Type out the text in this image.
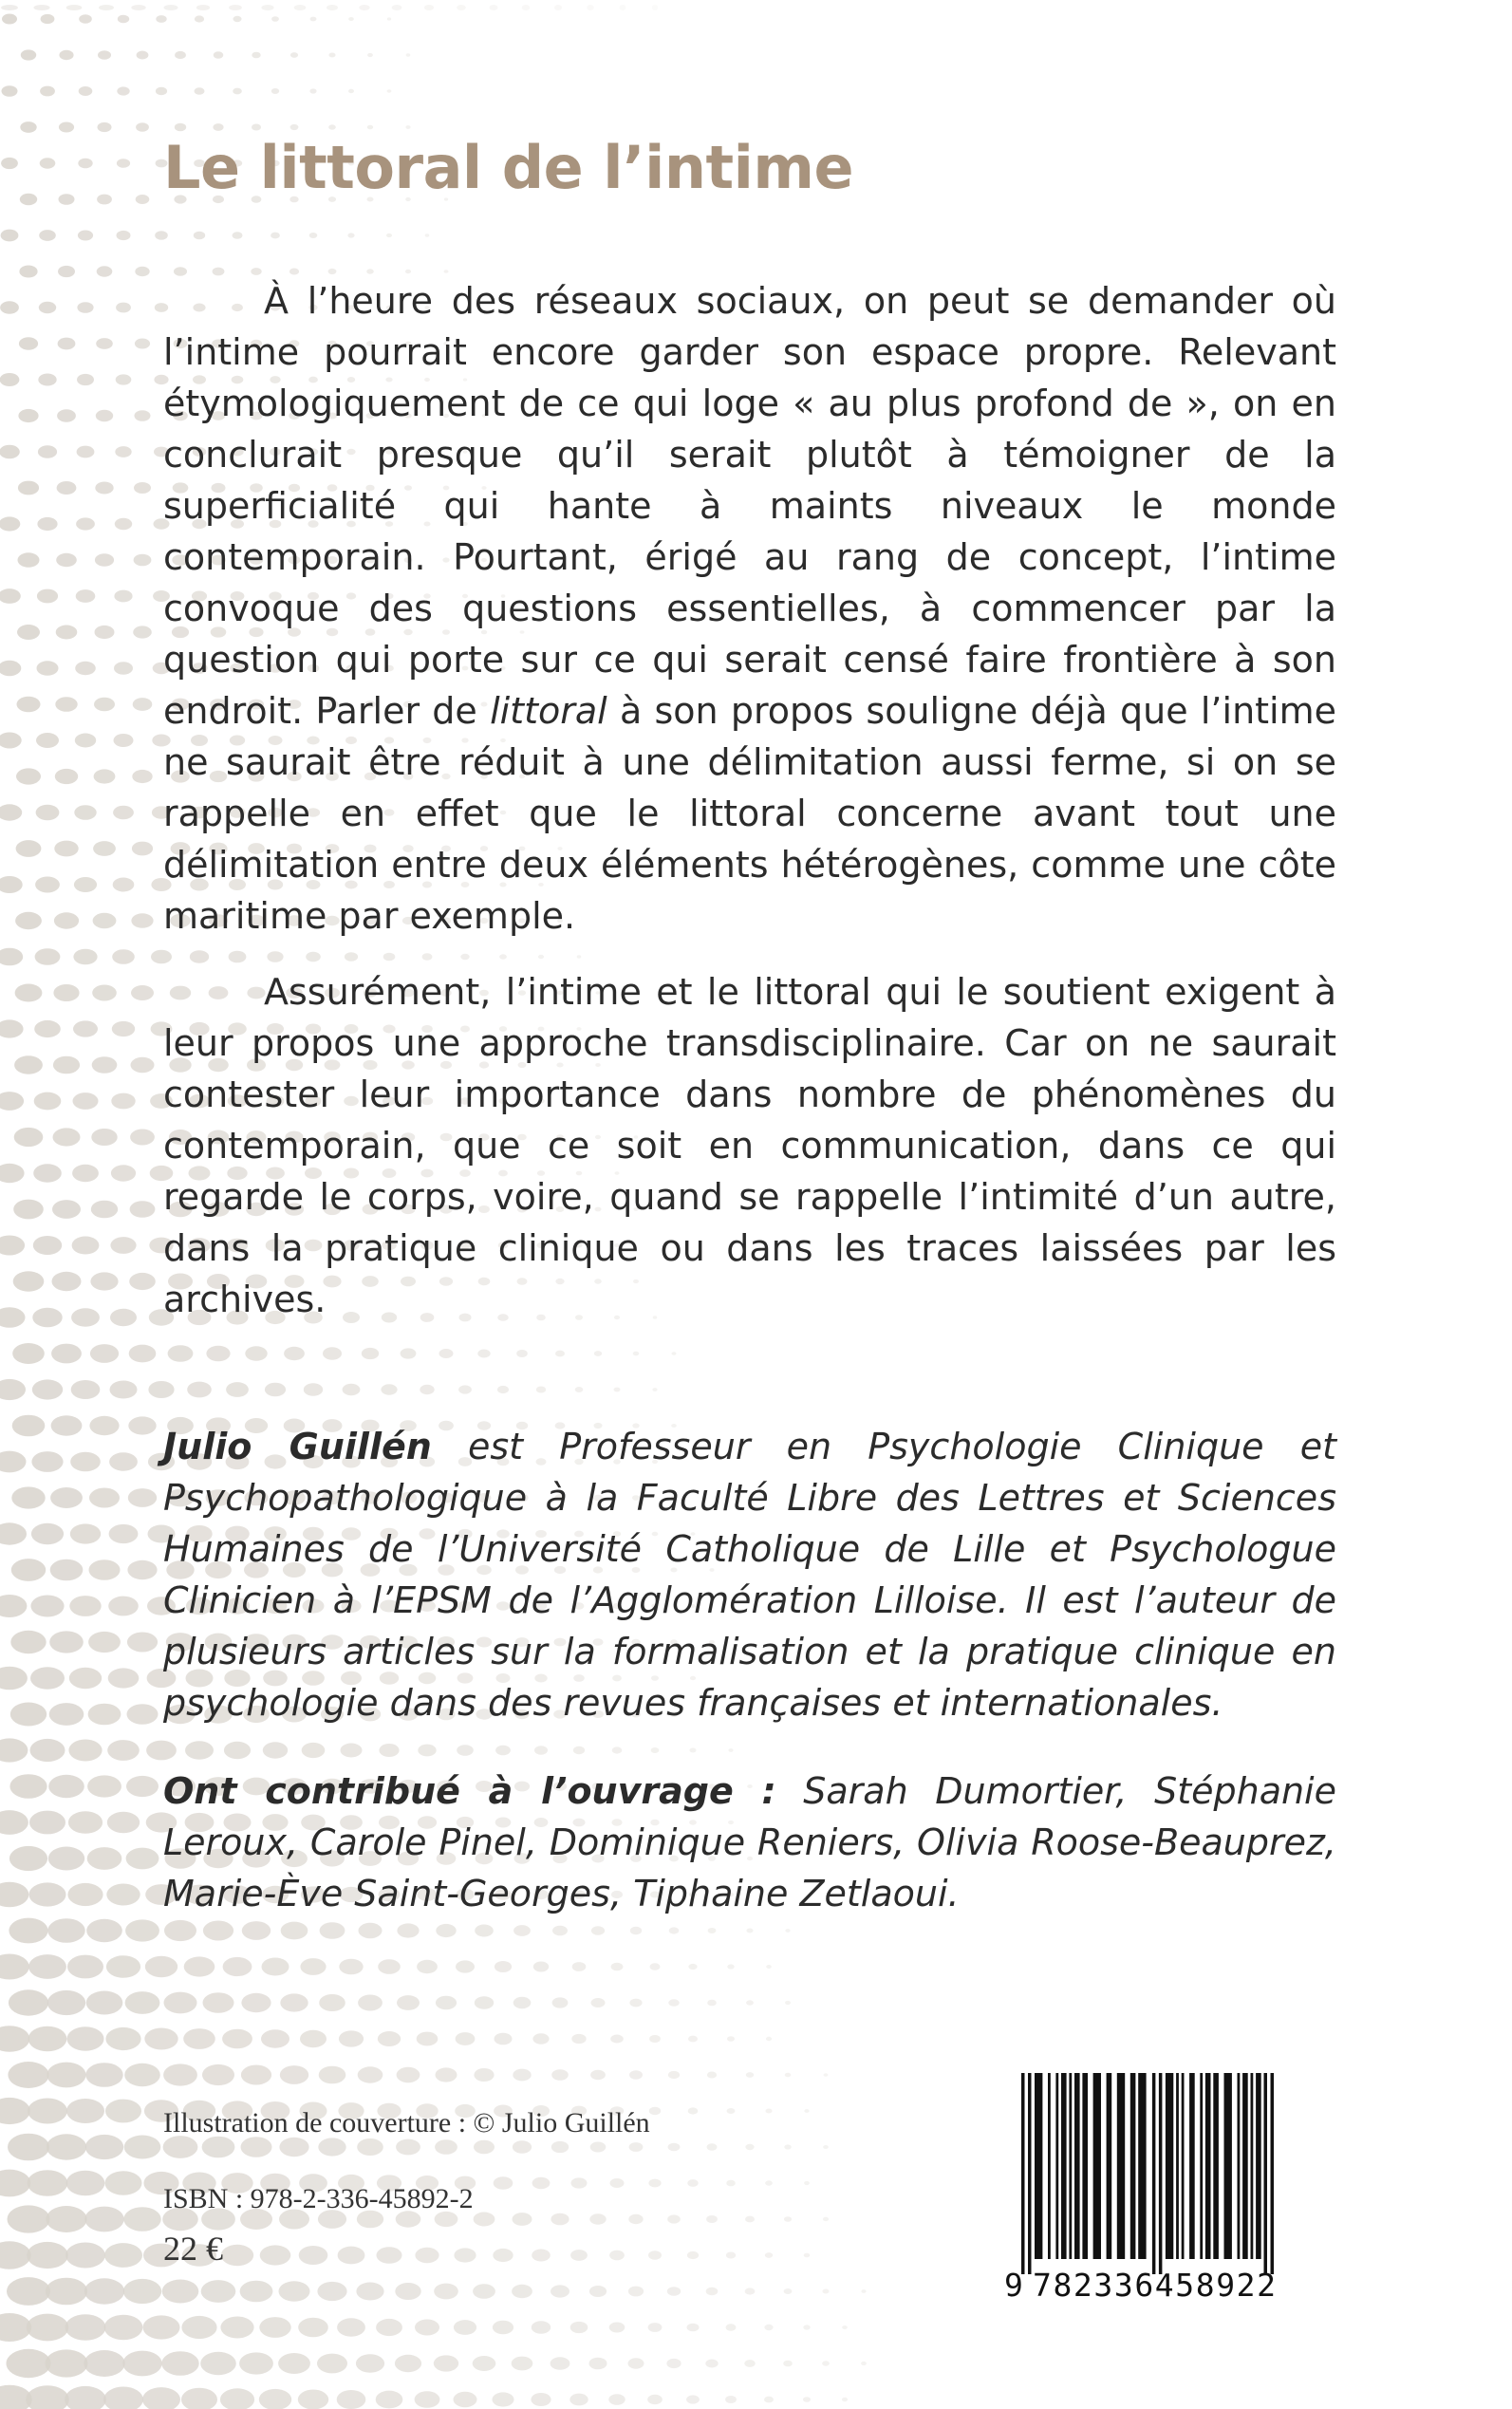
Le littoral de l’intime

À l’heure des réseaux sociaux, on peut se demander où l’intime pourrait encore garder son espace propre. Relevant étymologiquement de ce qui loge « au plus profond de », on en conclurait presque qu’il serait plutôt à témoigner de la superficialité qui hante à maints niveaux le monde contemporain. Pourtant, érigé au rang de concept, l’intime convoque des questions essentielles, à commencer par la question qui porte sur ce qui serait censé faire frontière à son endroit. Parler de littoral à son propos souligne déjà que l’intime ne saurait être réduit à une délimitation aussi ferme, si on se rappelle en effet que le littoral concerne avant tout une délimitation entre deux éléments hétérogènes, comme une côte maritime par exemple.

Assurément, l’intime et le littoral qui le soutient exigent à leur propos une approche transdisciplinaire. Car on ne saurait contester leur importance dans nombre de phénomènes du contemporain, que ce soit en communication, dans ce qui regarde le corps, voire, quand se rappelle l’intimité d’un autre, dans la pratique clinique ou dans les traces laissées par les archives.

Julio Guillén est Professeur en Psychologie Clinique et Psychopathologique à la Faculté Libre des Lettres et Sciences Humaines de l’Université Catholique de Lille et Psychologue Clinicien à l’EPSM de l’Agglomération Lilloise. Il est l’auteur de plusieurs articles sur la formalisation et la pratique clinique en psychologie dans des revues françaises et internationales.

Ont contribué à l’ouvrage : Sarah Dumortier, Stéphanie Leroux, Carole Pinel, Dominique Reniers, Olivia Roose-Beauprez, Marie-Ève Saint-Georges, Tiphaine Zetlaoui.

Illustration de couverture : © Julio Guillén

ISBN : 978-2-336-45892-2

22 €

9 782336458922
